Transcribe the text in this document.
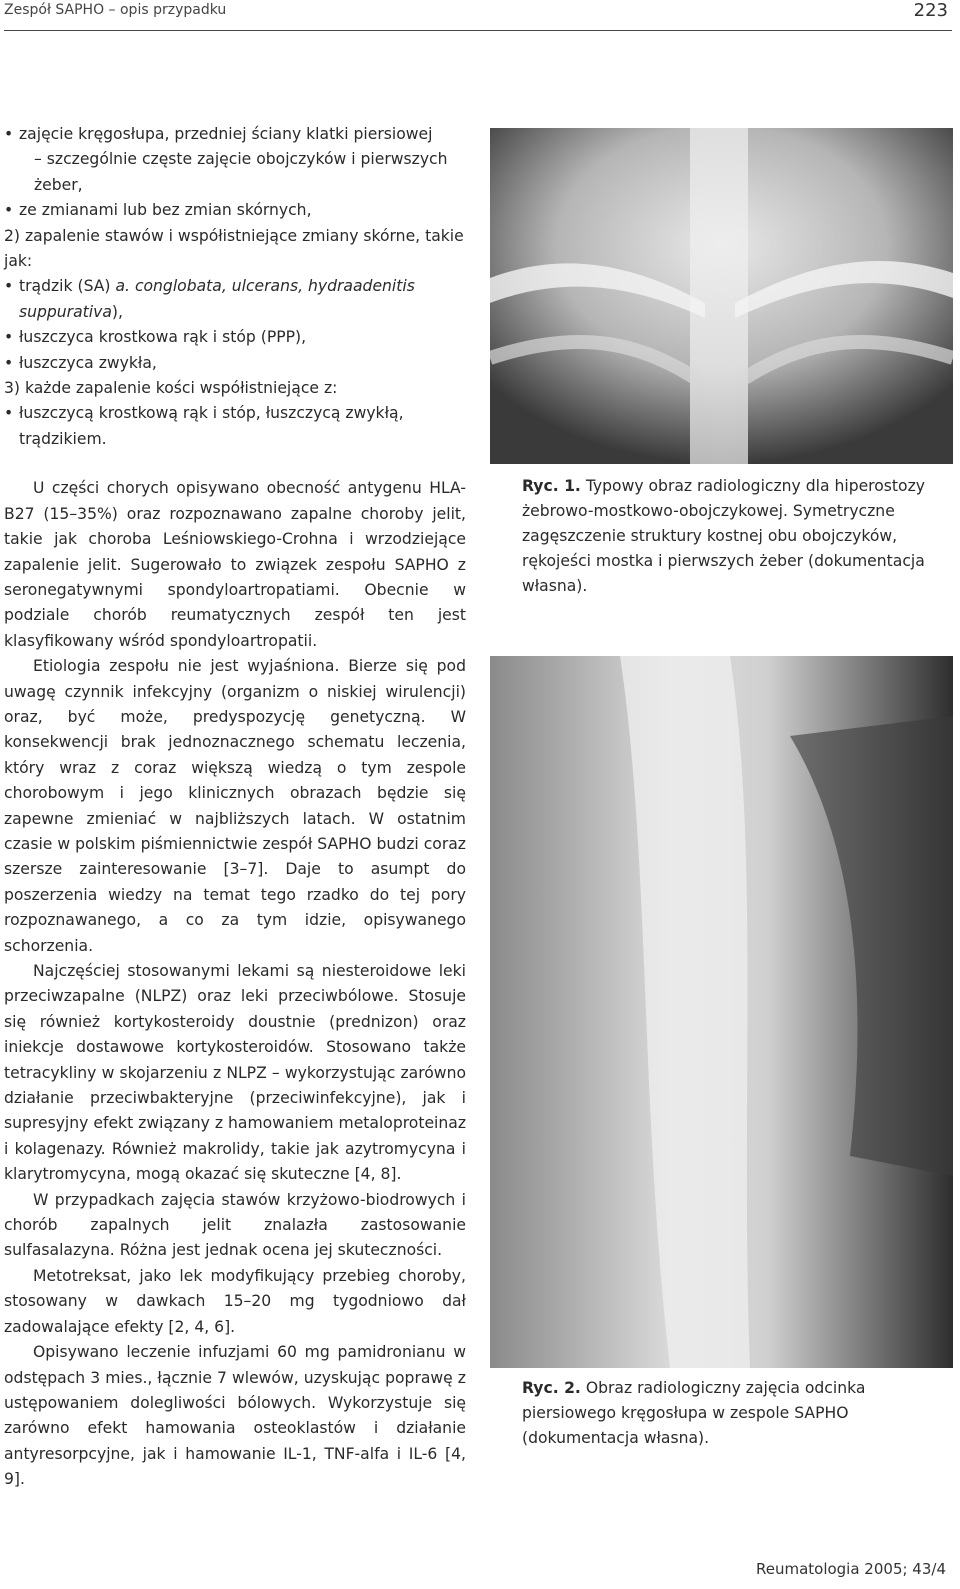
Zespół SAPHO – opis przypadku	223
• zajęcie kręgosłupa, przedniej ściany klatki piersiowej
– szczególnie częste zajęcie obojczyków i pierwszych żeber,
• ze zmianami lub bez zmian skórnych,
2) zapalenie stawów i współistniejące zmiany skórne, takie jak:
• trądzik (SA) a. conglobata, ulcerans, hydraadenitis suppurativa),
• łuszczyca krostkowa rąk i stóp (PPP),
• łuszczyca zwykła,
3) każde zapalenie kości współistniejące z:
• łuszczycą krostkową rąk i stóp, łuszczycą zwykłą, trądzikiem.

U części chorych opisywano obecność antygenu HLA-B27 (15–35%) oraz rozpoznawano zapalne choroby jelit, takie jak choroba Leśniowskiego-Crohna i wrzodziejące zapalenie jelit. Sugerowało to związek zespołu SAPHO z seronegatywnymi spondyloartropatiami. Obecnie w podziale chorób reumatycznych zespół ten jest klasyfikowany wśród spondyloartropatii.

Etiologia zespołu nie jest wyjaśniona. Bierze się pod uwagę czynnik infekcyjny (organizm o niskiej wirulencji) oraz, być może, predyspozycję genetyczną. W konsekwencji brak jednoznacznego schematu leczenia, który wraz z coraz większą wiedzą o tym zespole chorobowym i jego klinicznych obrazach będzie się zapewne zmieniać w najbliższych latach. W ostatnim czasie w polskim piśmiennictwie zespół SAPHO budzi coraz szersze zainteresowanie [3–7]. Daje to asumpt do poszerzenia wiedzy na temat tego rzadko do tej pory rozpoznawanego, a co za tym idzie, opisywanego schorzenia.

Najczęściej stosowanymi lekami są niesteroidowe leki przeciwzapalne (NLPZ) oraz leki przeciwbólowe. Stosuje się również kortykosteroidy doustnie (prednizon) oraz iniekcje dostawowe kortykosteroidów. Stosowano także tetracykliny w skojarzeniu z NLPZ – wykorzystując zarówno działanie przeciwbakteryjne (przeciwinfekcyjne), jak i supresyjny efekt związany z hamowaniem metaloproteinaz i kolagenazy. Również makrolidy, takie jak azytromycyna i klarytromycyna, mogą okazać się skuteczne [4, 8].

W przypadkach zajęcia stawów krzyżowo-biodrowych i chorób zapalnych jelit znalazła zastosowanie sulfasalazyna. Różna jest jednak ocena jej skuteczności.

Metotreksat, jako lek modyfikujący przebieg choroby, stosowany w dawkach 15–20 mg tygodniowo dał zadowalające efekty [2, 4, 6].

Opisywano leczenie infuzjami 60 mg pamidronianu w odstępach 3 mies., łącznie 7 wlewów, uzyskując poprawę z ustępowaniem dolegliwości bólowych. Wykorzystuje się zarówno efekt hamowania osteoklastów i działanie antyresorpcyjne, jak i hamowanie IL-1, TNF-alfa i IL-6 [4, 9].

Ryc. 1. Typowy obraz radiologiczny dla hiperostozy żebrowo-mostkowo-obojczykowej. Symetryczne zagęszczenie struktury kostnej obu obojczyków, rękojeści mostka i pierwszych żeber (dokumentacja własna).
Ryc. 2. Obraz radiologiczny zajęcia odcinka piersiowego kręgosłupa w zespole SAPHO (dokumentacja własna).
Reumatologia 2005; 43/4
